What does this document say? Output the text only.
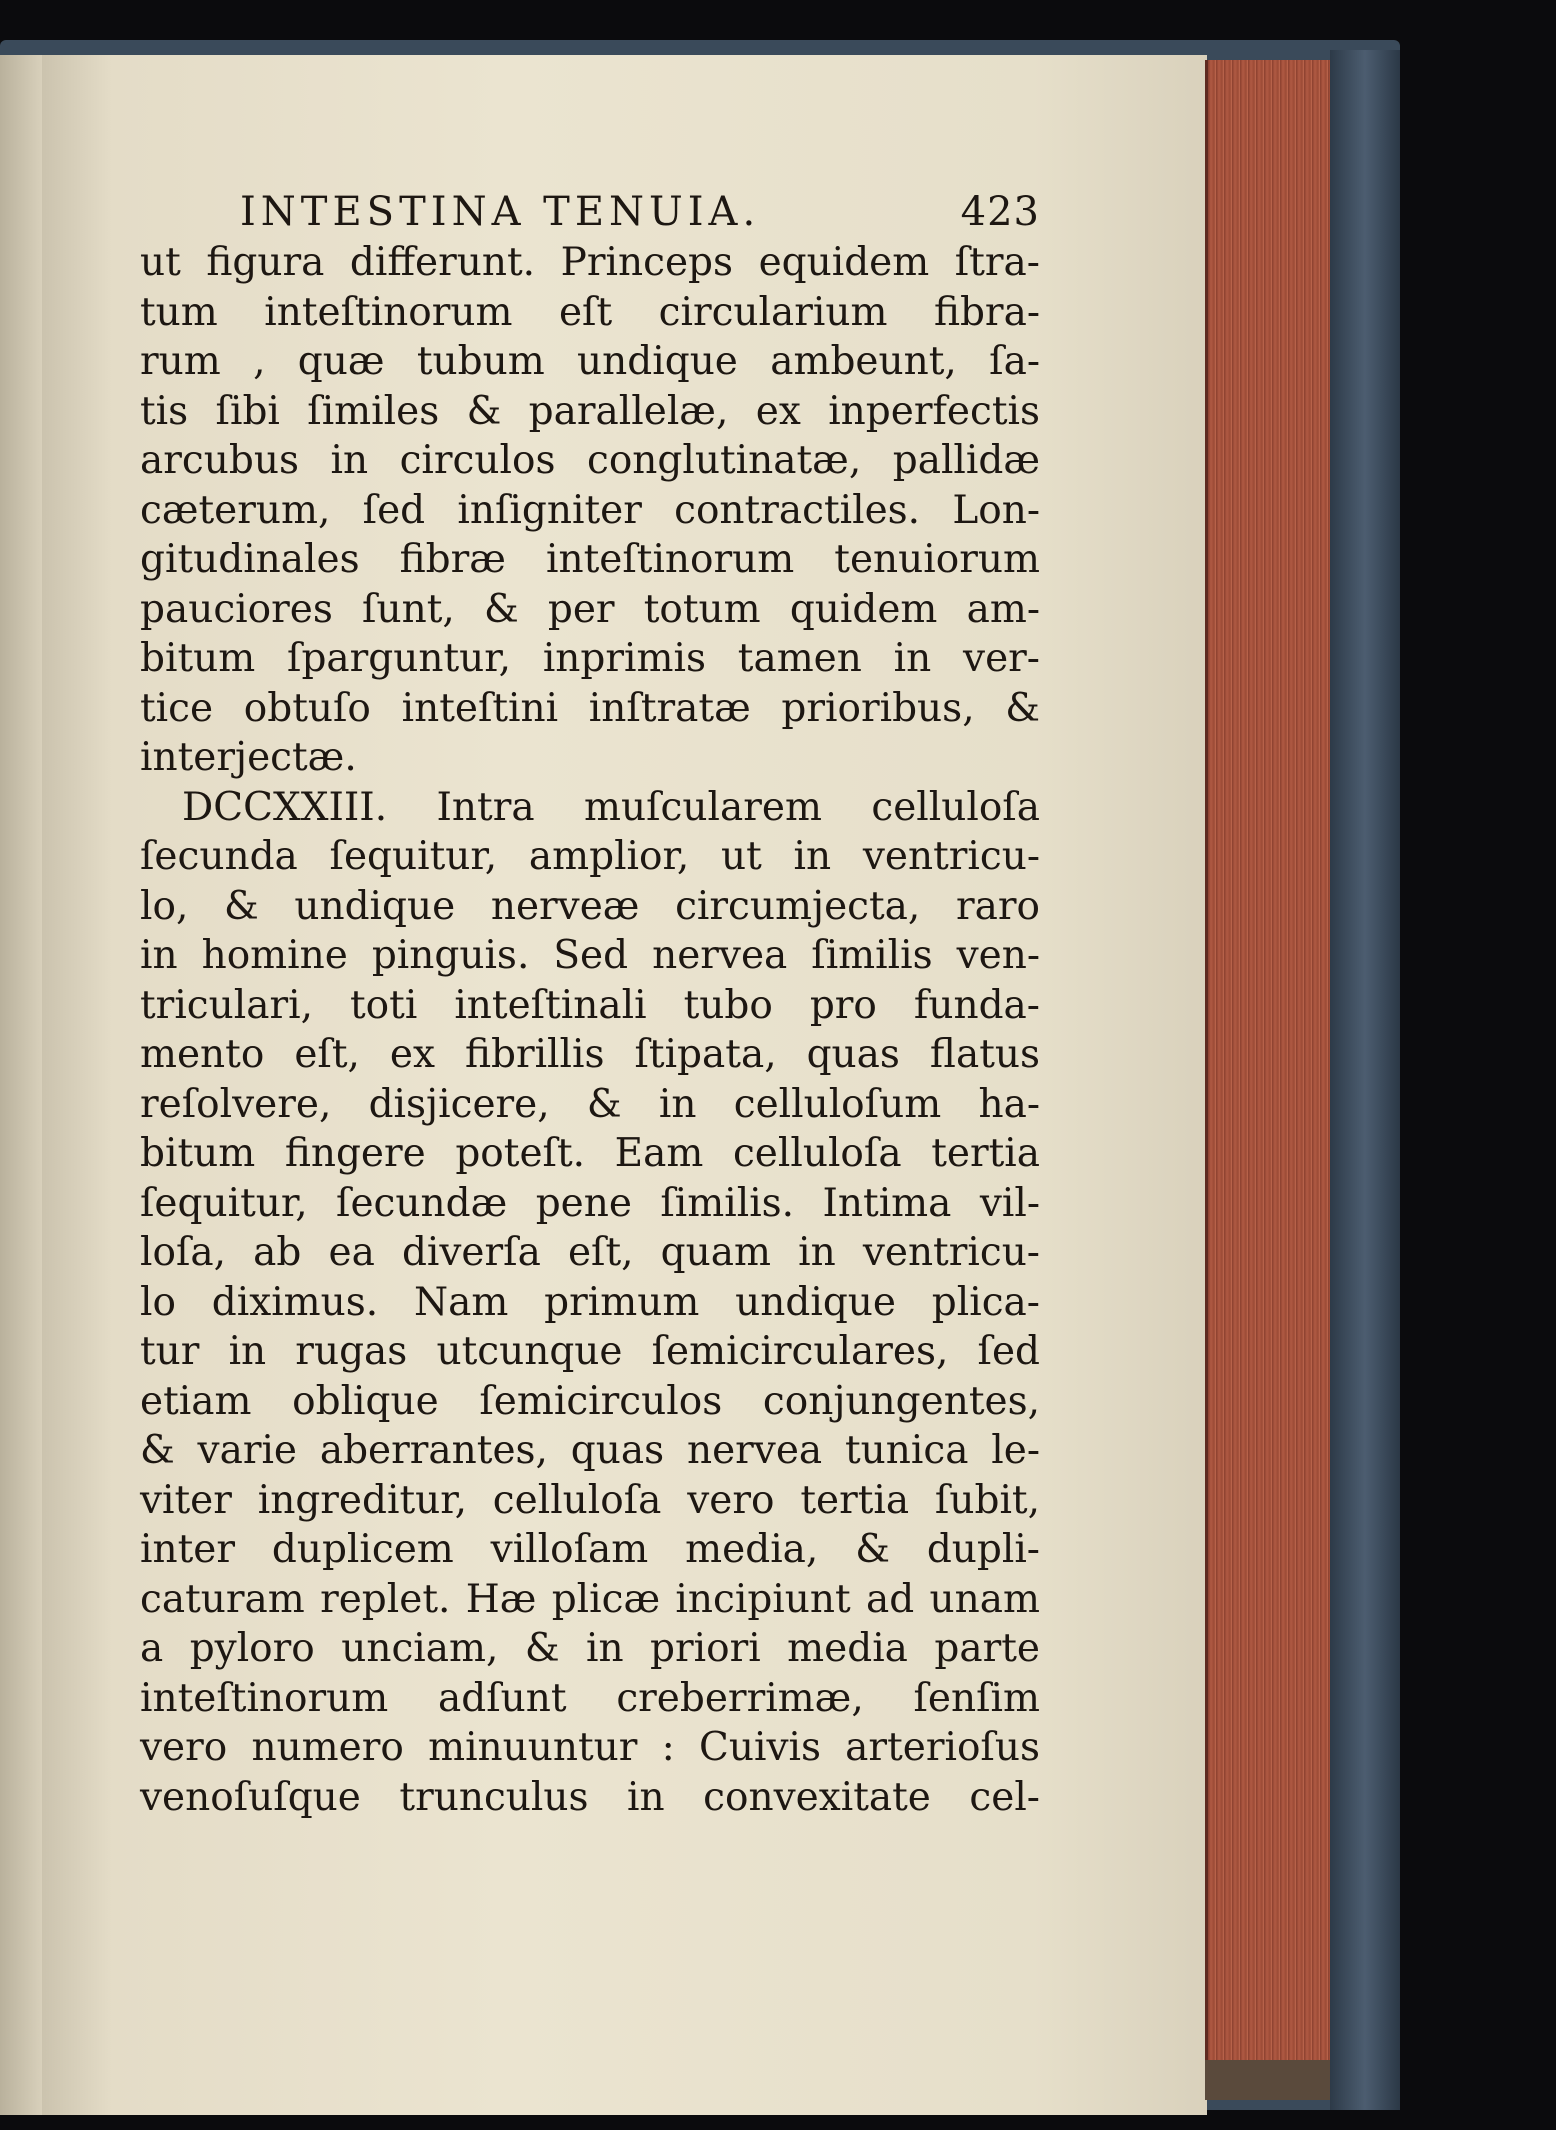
INTESTINA TENUIA.	423
ut figura differunt. Princeps equidem ſtra-
tum inteſtinorum eſt circularium fibra-
rum , quæ tubum undique ambeunt, ſa-
tis ſibi ſimiles & parallelæ, ex inperfectis
arcubus in circulos conglutinatæ, pallidæ
cæterum, ſed inſigniter contractiles. Lon-
gitudinales fibræ inteſtinorum tenuiorum
pauciores ſunt, & per totum quidem am-
bitum ſparguntur, inprimis tamen in ver-
tice obtuſo inteſtini inſtratæ prioribus, &
interjectæ.
DCCXXIII. Intra muſcularem celluloſa
ſecunda ſequitur, amplior, ut in ventricu-
lo, & undique nerveæ circumjecta, raro
in homine pinguis. Sed nervea ſimilis ven-
triculari, toti inteſtinali tubo pro funda-
mento eſt, ex fibrillis ſtipata, quas flatus
reſolvere, disjicere, & in celluloſum ha-
bitum fingere poteſt. Eam celluloſa tertia
ſequitur, ſecundæ pene ſimilis. Intima vil-
loſa, ab ea diverſa eſt, quam in ventricu-
lo diximus. Nam primum undique plica-
tur in rugas utcunque ſemicirculares, ſed
etiam oblique ſemicirculos conjungentes,
& varie aberrantes, quas nervea tunica le-
viter ingreditur, celluloſa vero tertia ſubit,
inter duplicem villoſam media, & dupli-
caturam replet. Hæ plicæ incipiunt ad unam
a pyloro unciam, & in priori media parte
inteſtinorum adſunt creberrimæ, ſenſim
vero numero minuuntur : Cuivis arterioſus
venoſuſque trunculus in convexitate cel-
